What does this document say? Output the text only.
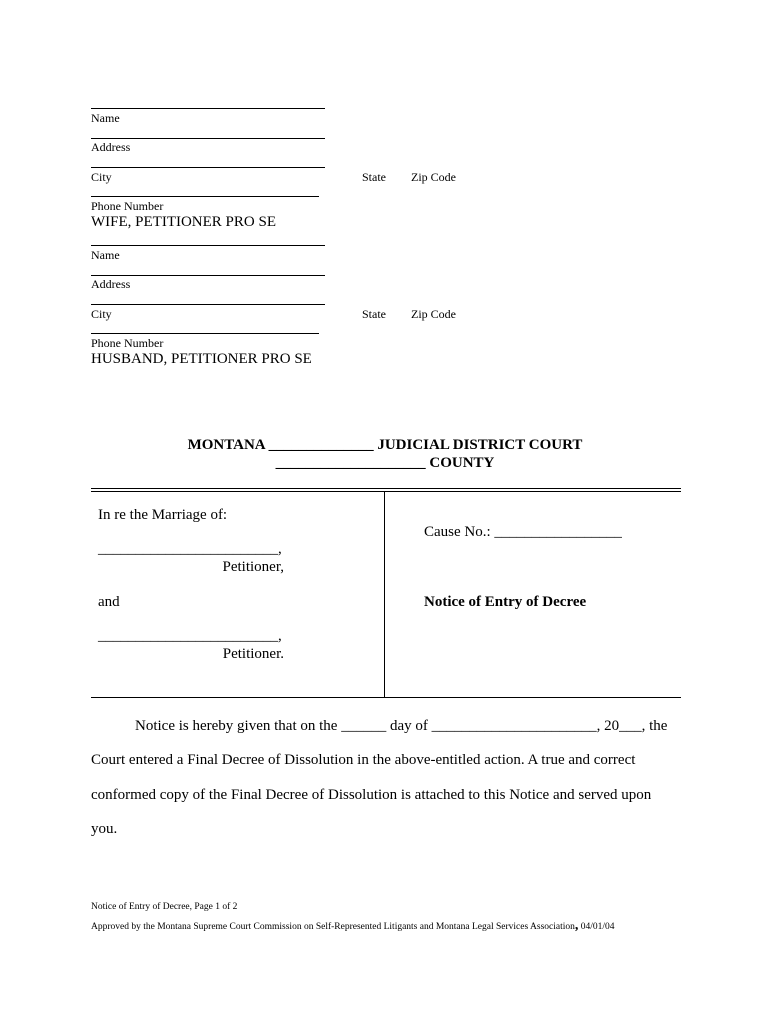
Name
Address
City	State Zip Code
Phone Number
WIFE, PETITIONER PRO SE
Name
Address
City	State Zip Code
Phone Number
HUSBAND, PETITIONER PRO SE
MONTANA ______________ JUDICIAL DISTRICT COURT
____________________ COUNTY
In re the Marriage of:
________________________,
Petitioner,
and
________________________,
Petitioner.
Cause No.: _________________
Notice of Entry of Decree
Notice is hereby given that on the ______ day of ______________________, 20___, the
Court entered a Final Decree of Dissolution in the above-entitled action. A true and correct
conformed copy of the Final Decree of Dissolution is attached to this Notice and served upon
you.
Notice of Entry of Decree, Page 1 of 2
Approved by the Montana Supreme Court Commission on Self-Represented Litigants and Montana Legal Services Association, 04/01/04
